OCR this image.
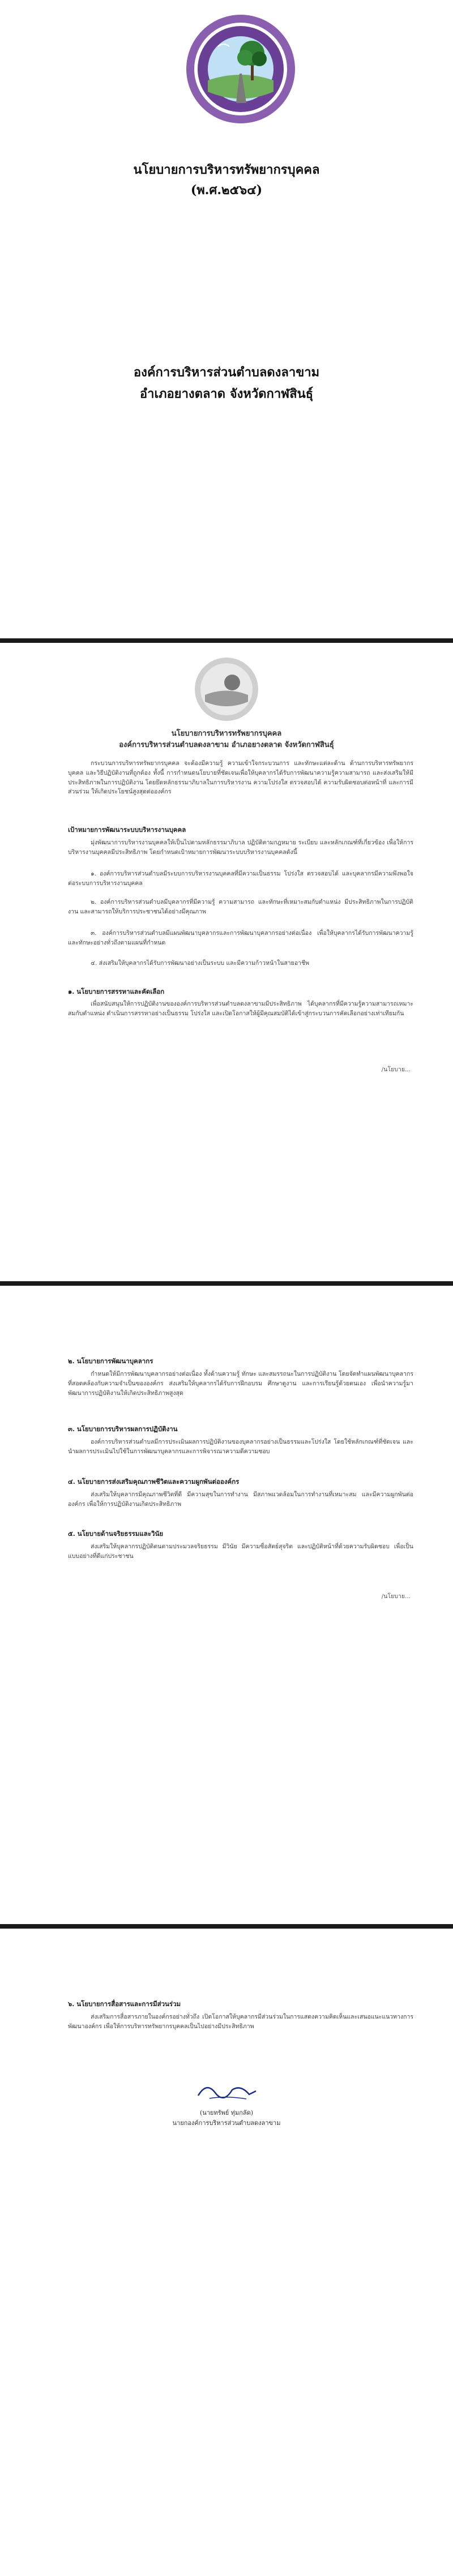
นโยบายการบริหารทรัพยากรบุคคล
(พ.ศ.๒๕๖๔)
องค์การบริหารส่วนตำบลดงลาขาม
อำเภอยางตลาด จังหวัดกาฬสินธุ์
นโยบายการบริหารทรัพยากรบุคคล
องค์การบริหารส่วนตำบลดงลาขาม อำเภอยางตลาด จังหวัดกาฬสินธุ์
กระบวนการบริหารทรัพยากรบุคคล จะต้องมีความรู้ ความเข้าใจกระบวนการ และทักษะแต่ละด้าน ด้านการบริหารทรัพยากรบุคคล และวิธีปฏิบัติงานที่ถูกต้อง ทั้งนี้ การกำหนดนโยบายที่ชัดเจนเพื่อให้บุคลากรได้รับการพัฒนาความรู้ความสามารถ และส่งเสริมให้มีประสิทธิภาพในการปฏิบัติงาน โดยยึดหลักธรรมาภิบาลในการบริหารงาน ความโปร่งใส ตรวจสอบได้ ความรับผิดชอบต่อหน้าที่ และการมีส่วนร่วม ให้เกิดประโยชน์สูงสุดต่อองค์กร
เป้าหมายการพัฒนาระบบบริหารงานบุคคล
มุ่งพัฒนาการบริหารงานบุคคลให้เป็นไปตามหลักธรรมาภิบาล ปฏิบัติตามกฎหมาย ระเบียบ และหลักเกณฑ์ที่เกี่ยวข้อง เพื่อให้การบริหารงานบุคคลมีประสิทธิภาพ โดยกำหนดเป้าหมายการพัฒนาระบบบริหารงานบุคคลดังนี้
๑. องค์การบริหารส่วนตำบลมีระบบการบริหารงานบุคคลที่มีความเป็นธรรม โปร่งใส ตรวจสอบได้ และบุคลากรมีความพึงพอใจต่อระบบการบริหารงานบุคคล
๒. องค์การบริหารส่วนตำบลมีบุคลากรที่มีความรู้ ความสามารถ และทักษะที่เหมาะสมกับตำแหน่ง มีประสิทธิภาพในการปฏิบัติงาน และสามารถให้บริการประชาชนได้อย่างมีคุณภาพ
๓. องค์การบริหารส่วนตำบลมีแผนพัฒนาบุคลากรและการพัฒนาบุคลากรอย่างต่อเนื่อง เพื่อให้บุคลากรได้รับการพัฒนาความรู้และทักษะอย่างทั่วถึงตามแผนที่กำหนด
๔. ส่งเสริมให้บุคลากรได้รับการพัฒนาอย่างเป็นระบบ และมีความก้าวหน้าในสายอาชีพ
๑. นโยบายการสรรหาและคัดเลือก
เพื่อสนับสนุนให้การปฏิบัติงานขององค์การบริหารส่วนตำบลดงลาขามมีประสิทธิภาพ ได้บุคลากรที่มีความรู้ความสามารถเหมาะสมกับตำแหน่ง ดำเนินการสรรหาอย่างเป็นธรรม โปร่งใส และเปิดโอกาสให้ผู้มีคุณสมบัติได้เข้าสู่กระบวนการคัดเลือกอย่างเท่าเทียมกัน
/นโยบาย...
๒. นโยบายการพัฒนาบุคลากร
กำหนดให้มีการพัฒนาบุคลากรอย่างต่อเนื่อง ทั้งด้านความรู้ ทักษะ และสมรรถนะในการปฏิบัติงาน โดยจัดทำแผนพัฒนาบุคลากรที่สอดคล้องกับความจำเป็นขององค์กร ส่งเสริมให้บุคลากรได้รับการฝึกอบรม ศึกษาดูงาน และการเรียนรู้ด้วยตนเอง เพื่อนำความรู้มาพัฒนาการปฏิบัติงานให้เกิดประสิทธิภาพสูงสุด
๓. นโยบายการบริหารผลการปฏิบัติงาน
องค์การบริหารส่วนตำบลมีการประเมินผลการปฏิบัติงานของบุคลากรอย่างเป็นธรรมและโปร่งใส โดยใช้หลักเกณฑ์ที่ชัดเจน และนำผลการประเมินไปใช้ในการพัฒนาบุคลากรและการพิจารณาความดีความชอบ
๔. นโยบายการส่งเสริมคุณภาพชีวิตและความผูกพันต่อองค์กร
ส่งเสริมให้บุคลากรมีคุณภาพชีวิตที่ดี มีความสุขในการทำงาน มีสภาพแวดล้อมในการทำงานที่เหมาะสม และมีความผูกพันต่อองค์กร เพื่อให้การปฏิบัติงานเกิดประสิทธิภาพ
๕. นโยบายด้านจริยธรรมและวินัย
ส่งเสริมให้บุคลากรปฏิบัติตนตามประมวลจริยธรรม มีวินัย มีความซื่อสัตย์สุจริต และปฏิบัติหน้าที่ด้วยความรับผิดชอบ เพื่อเป็นแบบอย่างที่ดีแก่ประชาชน
/นโยบาย...
๖. นโยบายการสื่อสารและการมีส่วนร่วม
ส่งเสริมการสื่อสารภายในองค์กรอย่างทั่วถึง เปิดโอกาสให้บุคลากรมีส่วนร่วมในการแสดงความคิดเห็นและเสนอแนะแนวทางการพัฒนาองค์กร เพื่อให้การบริหารทรัพยากรบุคคลเป็นไปอย่างมีประสิทธิภาพ
(นายทรัพย์ ทุ่มกลัด)
นายกองค์การบริหารส่วนตำบลดงลาขาม
